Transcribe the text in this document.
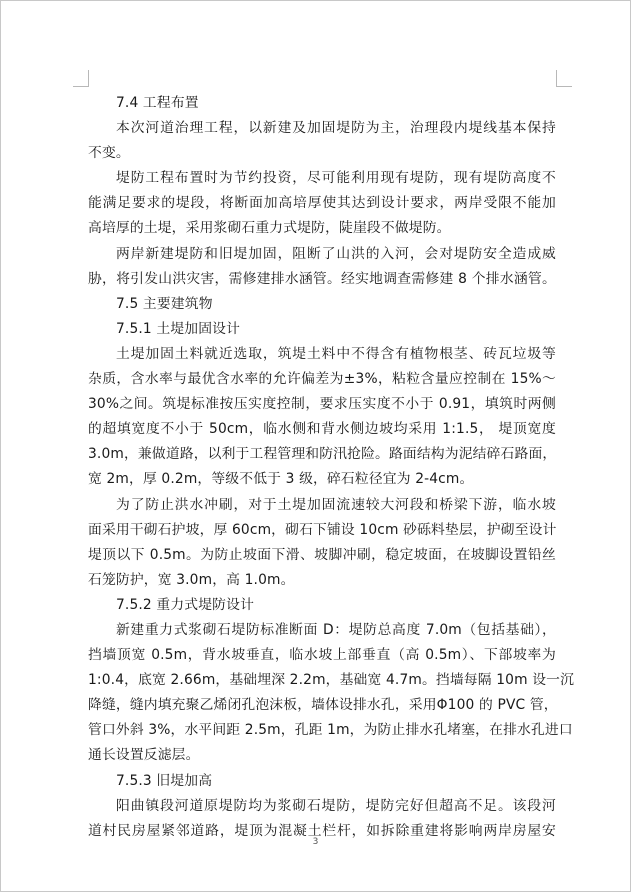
7.4 工程布置
本次河道治理工程，以新建及加固堤防为主，治理段内堤线基本保持
不变。
堤防工程布置时为节约投资，尽可能利用现有堤防，现有堤防高度不
能满足要求的堤段，将断面加高培厚使其达到设计要求，两岸受限不能加
高培厚的土堤，采用浆砌石重力式堤防，陡崖段不做堤防。
两岸新建堤防和旧堤加固，阻断了山洪的入河，会对堤防安全造成威
胁，将引发山洪灾害，需修建排水涵管。经实地调查需修建 8 个排水涵管。
7.5 主要建筑物
7.5.1 土堤加固设计
土堤加固土料就近选取，筑堤土料中不得含有植物根茎、砖瓦垃圾等
杂质，含水率与最优含水率的允许偏差为±3%，粘粒含量应控制在 15%～
30%之间。筑堤标准按压实度控制，要求压实度不小于 0.91，填筑时两侧
的超填宽度不小于 50cm，临水侧和背水侧边坡均采用 1:1.5， 堤顶宽度
3.0m，兼做道路，以利于工程管理和防汛抢险。路面结构为泥结碎石路面，
宽 2m，厚 0.2m，等级不低于 3 级，碎石粒径宜为 2-4cm。
为了防止洪水冲刷，对于土堤加固流速较大河段和桥梁下游，临水坡
面采用干砌石护坡，厚 60cm，砌石下铺设 10cm 砂砾料垫层，护砌至设计
堤顶以下 0.5m。为防止坡面下滑、坡脚冲刷，稳定坡面，在坡脚设置铅丝
石笼防护，宽 3.0m，高 1.0m。
7.5.2 重力式堤防设计
新建重力式浆砌石堤防标准断面 D：堤防总高度 7.0m（包括基础），
挡墙顶宽 0.5m，背水坡垂直，临水坡上部垂直（高 0.5m）、下部坡率为
1:0.4，底宽 2.66m，基础埋深 2.2m，基础宽 4.7m。挡墙每隔 10m 设一沉
降缝，缝内填充聚乙烯闭孔泡沫板，墙体设排水孔，采用Φ100 的 PVC 管，
管口外斜 3%，水平间距 2.5m，孔距 1m，为防止排水孔堵塞，在排水孔进口
通长设置反滤层。
7.5.3 旧堤加高
阳曲镇段河道原堤防均为浆砌石堤防，堤防完好但超高不足。该段河
道村民房屋紧邻道路，堤顶为混凝土栏杆，如拆除重建将影响两岸房屋安
3
